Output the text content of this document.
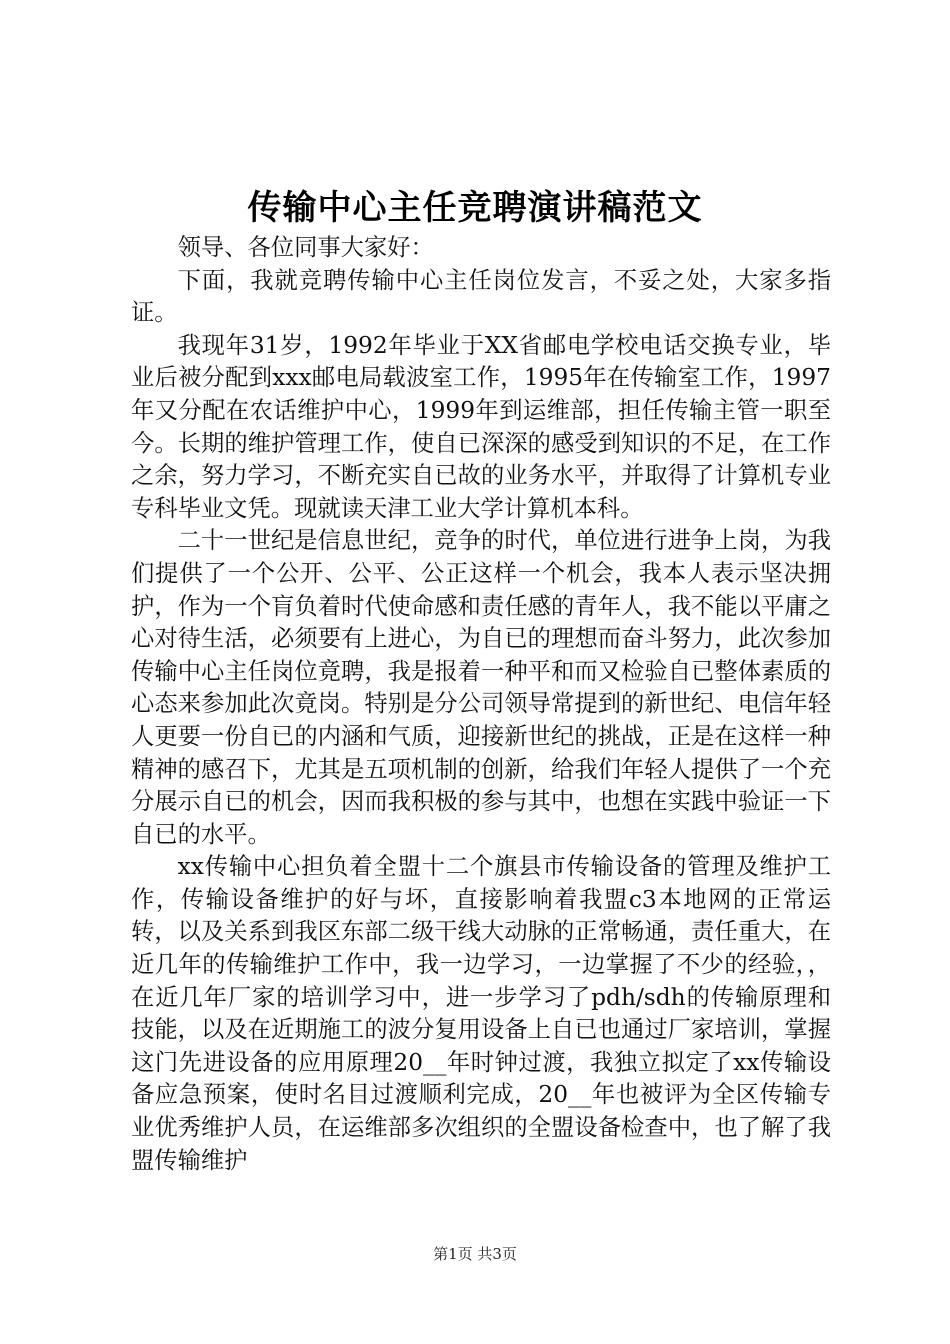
传输中心主任竞聘演讲稿范文

领导、各位同事大家好：

下面，我就竞聘传输中心主任岗位发言，不妥之处，大家多指证。

我现年31岁，1992年毕业于XX省邮电学校电话交换专业，毕业后被分配到xxx邮电局载波室工作，1995年在传输室工作，1997年又分配在农话维护中心，1999年到运维部，担任传输主管一职至今。长期的维护管理工作，使自已深深的感受到知识的不足，在工作之余，努力学习，不断充实自已故的业务水平，并取得了计算机专业专科毕业文凭。现就读天津工业大学计算机本科。

二十一世纪是信息世纪，竞争的时代，单位进行进争上岗，为我们提供了一个公开、公平、公正这样一个机会，我本人表示坚决拥护，作为一个肓负着时代使命感和责任感的青年人，我不能以平庸之心对待生活，必须要有上进心，为自已的理想而奋斗努力，此次参加传输中心主任岗位竟聘，我是报着一种平和而又检验自已整体素质的心态来参加此次竟岗。特别是分公司领导常提到的新世纪、电信年轻人更要一份自已的内涵和气质，迎接新世纪的挑战，正是在这样一种精神的感召下，尤其是五项机制的创新，给我们年轻人提供了一个充分展示自已的机会，因而我积极的参与其中，也想在实践中验证一下自已的水平。

xx传输中心担负着全盟十二个旗县市传输设备的管理及维护工作，传输设备维护的好与坏，直接影响着我盟c3本地网的正常运转，以及关系到我区东部二级干线大动脉的正常畅通，责任重大，在近几年的传输维护工作中，我一边学习，一边掌握了不少的经验，，在近几年厂家的培训学习中，进一步学习了pdh/sdh的传输原理和技能，以及在近期施工的波分复用设备上自已也通过厂家培训，掌握这门先进设备的应用原理20__年时钟过渡，我独立拟定了xx传输设备应急预案，使时名目过渡顺利完成，20__年也被评为全区传输专业优秀维护人员，在运维部多次组织的全盟设备检查中，也了解了我盟传输维护

第1页 共3页
